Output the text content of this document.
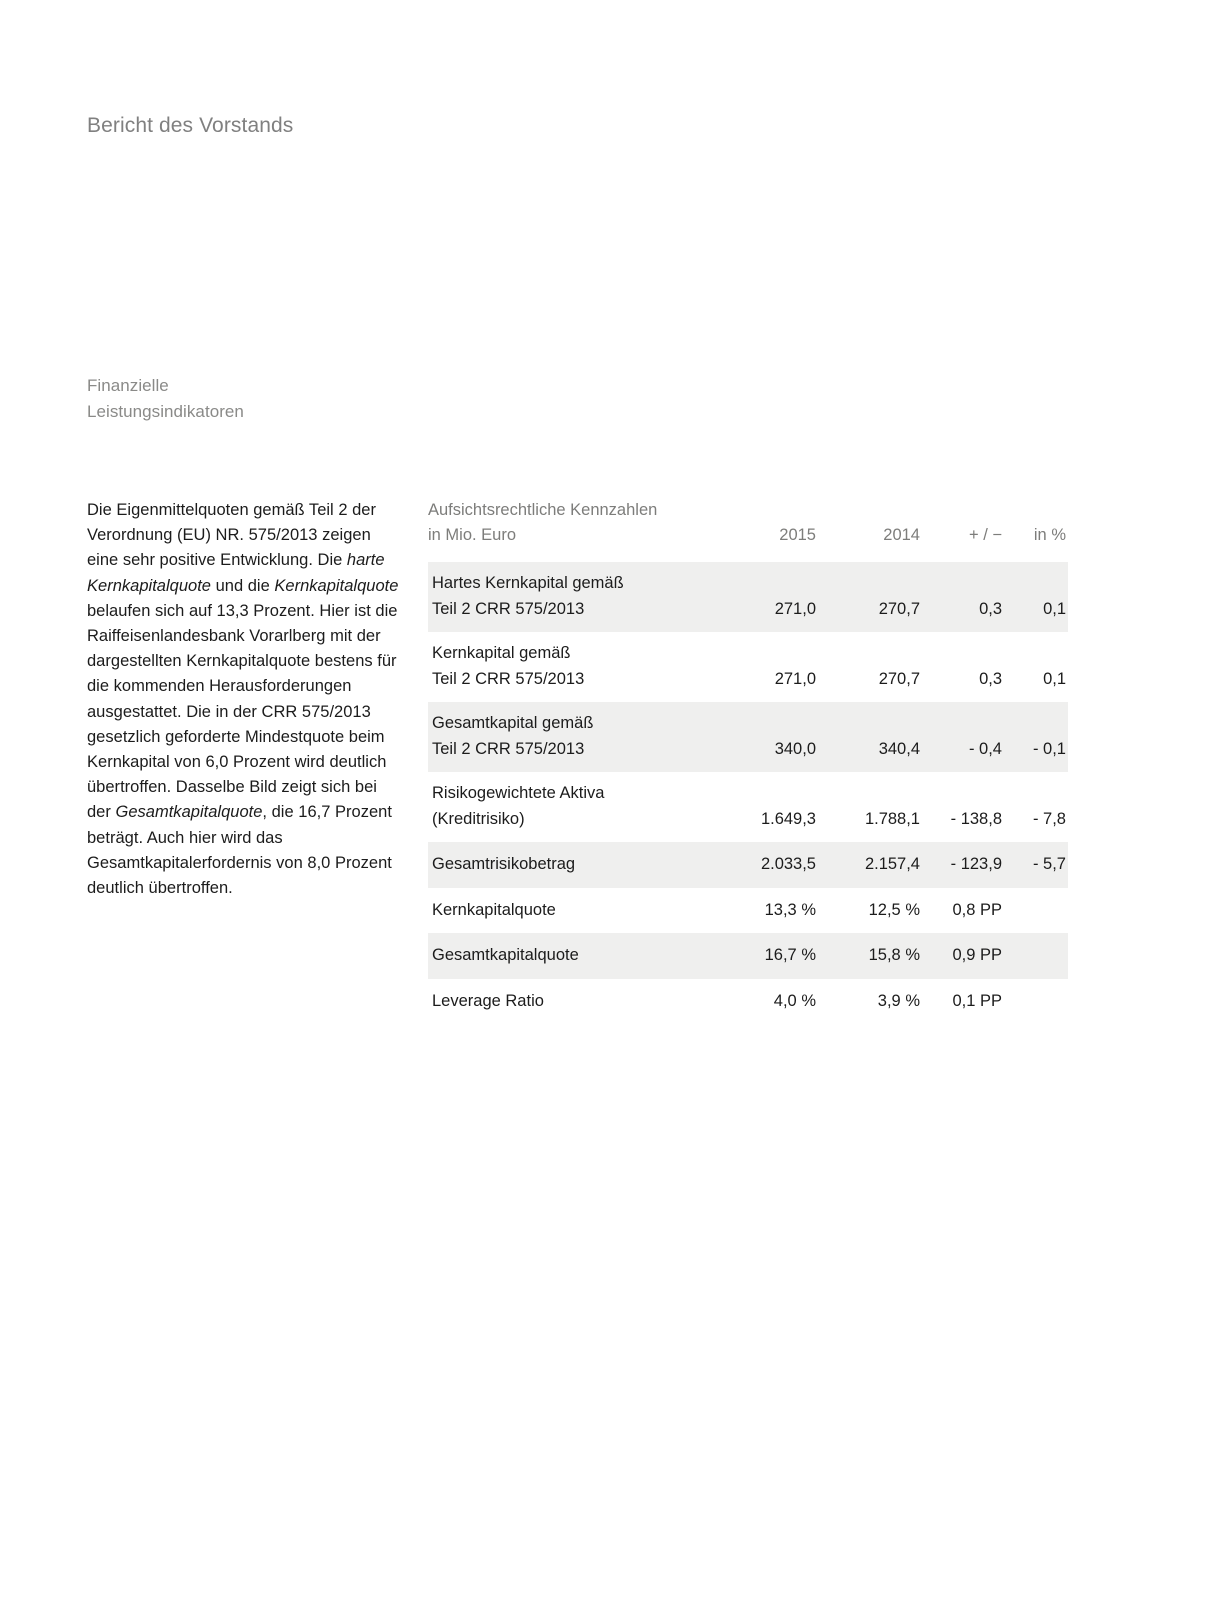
Bericht des Vorstands
Finanzielle
Leistungsindikatoren

Die Eigenmittelquoten gemäß Teil 2 der Verordnung (EU) NR. 575/2013 zeigen eine sehr positive Entwicklung. Die harte Kernkapitalquote und die Kernkapitalquote belaufen sich auf 13,3 Prozent. Hier ist die Raiffeisenlandesbank Vorarlberg mit der dargestellten Kernkapitalquote bestens für die kommenden Herausforderungen ausgestattet. Die in der CRR 575/2013 gesetzlich geforderte Mindestquote beim Kernkapital von 6,0 Prozent wird deutlich übertroffen. Dasselbe Bild zeigt sich bei der Gesamtkapitalquote, die 16,7 Prozent beträgt. Auch hier wird das Gesamtkapitalerfordernis von 8,0 Prozent deutlich übertroffen.

Aufsichtsrechtliche Kennzahlen
in Mio. Euro	2015	2014	+ / −	in %

Hartes Kernkapital gemäß
Teil 2 CRR 575/2013	271,0	270,7	0,3	0,1

Kernkapital gemäß
Teil 2 CRR 575/2013	271,0	270,7	0,3	0,1

Gesamtkapital gemäß
Teil 2 CRR 575/2013	340,0	340,4	- 0,4	- 0,1

Risikogewichtete Aktiva
(Kreditrisiko)	1.649,3	1.788,1	- 138,8	- 7,8

Gesamtrisikobetrag	2.033,5	2.157,4	- 123,9	- 5,7

Kernkapitalquote	13,3 %	12,5 %	0,8 PP	

Gesamtkapitalquote	16,7 %	15,8 %	0,9 PP	

Leverage Ratio	4,0 %	3,9 %	0,1 PP	
